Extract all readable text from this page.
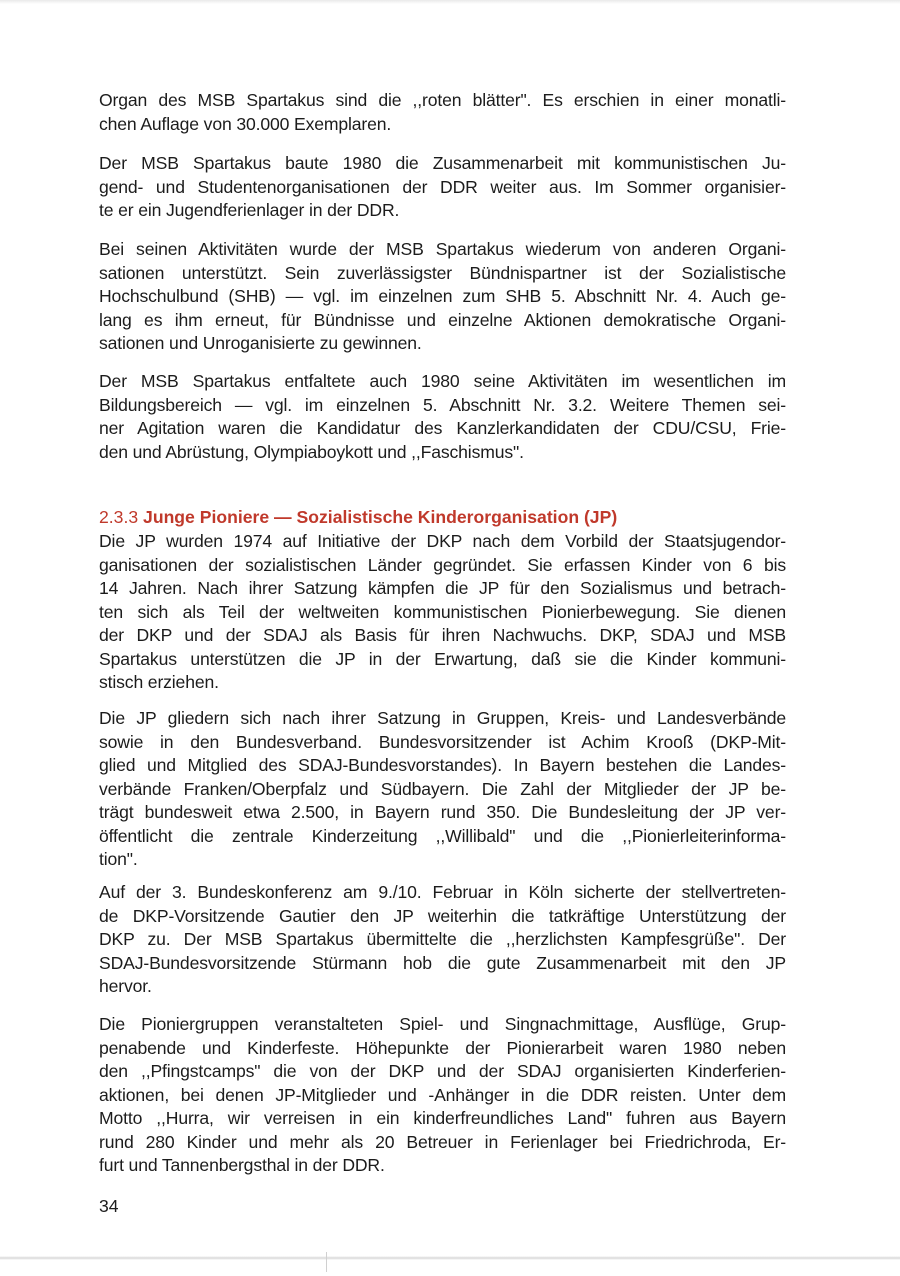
Organ des MSB Spartakus sind die ,,roten blätter". Es erschien in einer monatli-
chen Auflage von 30.000 Exemplaren.

Der MSB Spartakus baute 1980 die Zusammenarbeit mit kommunistischen Ju-
gend- und Studentenorganisationen der DDR weiter aus. Im Sommer organisier-
te er ein Jugendferienlager in der DDR.

Bei seinen Aktivitäten wurde der MSB Spartakus wiederum von anderen Organi-
sationen unterstützt. Sein zuverlässigster Bündnispartner ist der Sozialistische
Hochschulbund (SHB) — vgl. im einzelnen zum SHB 5. Abschnitt Nr. 4. Auch ge-
lang es ihm erneut, für Bündnisse und einzelne Aktionen demokratische Organi-
sationen und Unroganisierte zu gewinnen.

Der MSB Spartakus entfaltete auch 1980 seine Aktivitäten im wesentlichen im
Bildungsbereich — vgl. im einzelnen 5. Abschnitt Nr. 3.2. Weitere Themen sei-
ner Agitation waren die Kandidatur des Kanzlerkandidaten der CDU/CSU, Frie-
den und Abrüstung, Olympiaboykott und ,,Faschismus".

2.3.3 Junge Pioniere — Sozialistische Kinderorganisation (JP)

Die JP wurden 1974 auf Initiative der DKP nach dem Vorbild der Staatsjugendor-
ganisationen der sozialistischen Länder gegründet. Sie erfassen Kinder von 6 bis
14 Jahren. Nach ihrer Satzung kämpfen die JP für den Sozialismus und betrach-
ten sich als Teil der weltweiten kommunistischen Pionierbewegung. Sie dienen
der DKP und der SDAJ als Basis für ihren Nachwuchs. DKP, SDAJ und MSB
Spartakus unterstützen die JP in der Erwartung, daß sie die Kinder kommuni-
stisch erziehen.

Die JP gliedern sich nach ihrer Satzung in Gruppen, Kreis- und Landesverbände
sowie in den Bundesverband. Bundesvorsitzender ist Achim Krooß (DKP-Mit-
glied und Mitglied des SDAJ-Bundesvorstandes). In Bayern bestehen die Landes-
verbände Franken/Oberpfalz und Südbayern. Die Zahl der Mitglieder der JP be-
trägt bundesweit etwa 2.500, in Bayern rund 350. Die Bundesleitung der JP ver-
öffentlicht die zentrale Kinderzeitung ,,Willibald" und die ,,Pionierleiterinforma-
tion".

Auf der 3. Bundeskonferenz am 9./10. Februar in Köln sicherte der stellvertreten-
de DKP-Vorsitzende Gautier den JP weiterhin die tatkräftige Unterstützung der
DKP zu. Der MSB Spartakus übermittelte die ,,herzlichsten Kampfesgrüße". Der
SDAJ-Bundesvorsitzende Stürmann hob die gute Zusammenarbeit mit den JP
hervor.

Die Pioniergruppen veranstalteten Spiel- und Singnachmittage, Ausflüge, Grup-
penabende und Kinderfeste. Höhepunkte der Pionierarbeit waren 1980 neben
den ,,Pfingstcamps" die von der DKP und der SDAJ organisierten Kinderferien-
aktionen, bei denen JP-Mitglieder und -Anhänger in die DDR reisten. Unter dem
Motto ,,Hurra, wir verreisen in ein kinderfreundliches Land" fuhren aus Bayern
rund 280 Kinder und mehr als 20 Betreuer in Ferienlager bei Friedrichroda, Er-
furt und Tannenbergsthal in der DDR.

34
